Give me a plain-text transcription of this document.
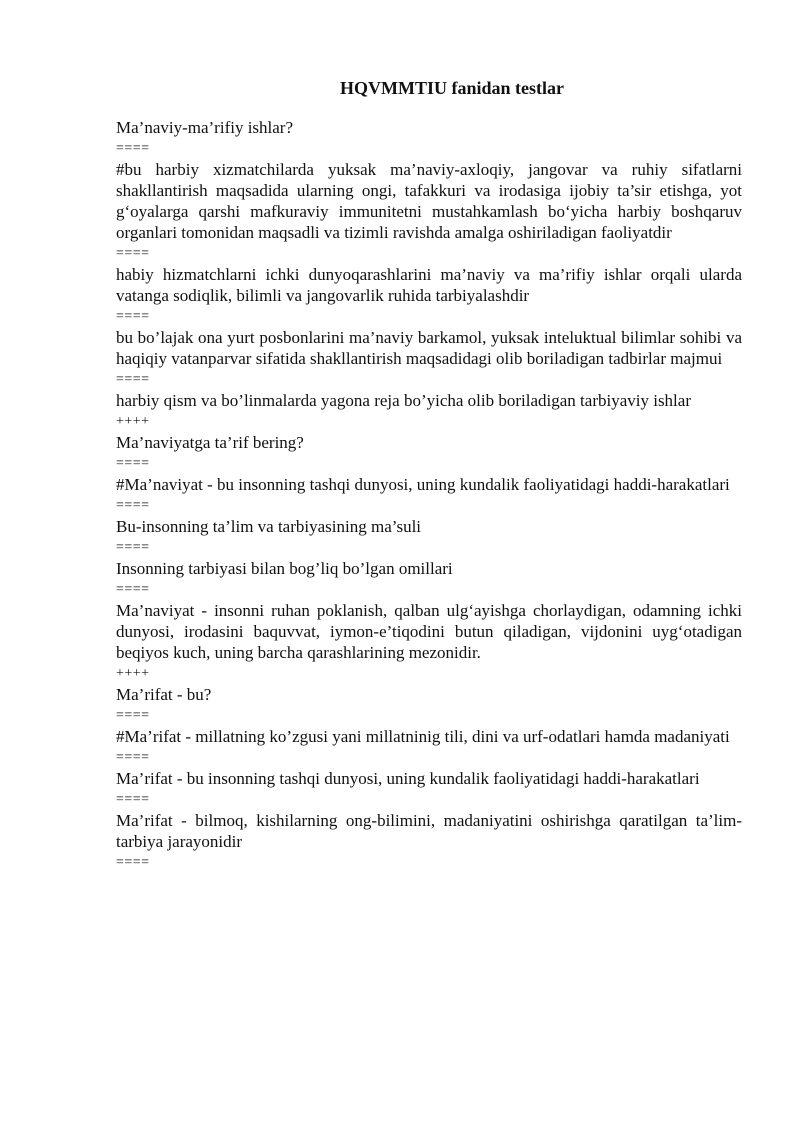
HQVMMTIU fanidan testlar

Ma’naviy-ma’rifiy ishlar?

====

#bu harbiy xizmatchilarda yuksak ma’naviy-axloqiy, jangovar va ruhiy sifatlarni shakllantirish maqsadida ularning ongi, tafakkuri va irodasiga ijobiy ta’sir etishga, yot g‘oyalarga qarshi mafkuraviy immunitetni mustahkamlash bo‘yicha harbiy boshqaruv organlari tomonidan maqsadli va tizimli ravishda amalga oshiriladigan faoliyatdir

====

habiy hizmatchlarni ichki dunyoqarashlarini ma’naviy va ma’rifiy ishlar orqali ularda vatanga sodiqlik, bilimli va jangovarlik ruhida tarbiyalashdir

====

bu bo’lajak ona yurt posbonlarini ma’naviy barkamol, yuksak inteluktual bilimlar sohibi va haqiqiy vatanparvar sifatida shakllantirish maqsadidagi olib boriladigan tadbirlar majmui

====

harbiy qism va bo’linmalarda yagona reja bo’yicha olib boriladigan tarbiyaviy ishlar

++++

Ma’naviyatga ta’rif bering?

====

#Ma’naviyat - bu insonning tashqi dunyosi, uning kundalik faoliyatidagi haddi-harakatlari

====

Bu-insonning ta’lim va tarbiyasining ma’suli

====

Insonning tarbiyasi bilan bog’liq bo’lgan omillari

====

Ma’naviyat - insonni ruhan poklanish, qalban ulg‘ayishga chorlaydigan, odamning ichki dunyosi, irodasini baquvvat, iymon-e’tiqodini butun qiladigan, vijdonini uyg‘otadigan beqiyos kuch, uning barcha qarashlarining mezonidir.

++++

Ma’rifat - bu?

====

#Ma’rifat - millatning ko’zgusi yani millatninig tili, dini va urf-odatlari hamda madaniyati

====

Ma’rifat - bu insonning tashqi dunyosi, uning kundalik faoliyatidagi haddi-harakatlari

====

Ma’rifat - bilmoq, kishilarning ong-bilimini, madaniyatini oshirishga qaratilgan ta’lim-tarbiya jarayonidir

====
